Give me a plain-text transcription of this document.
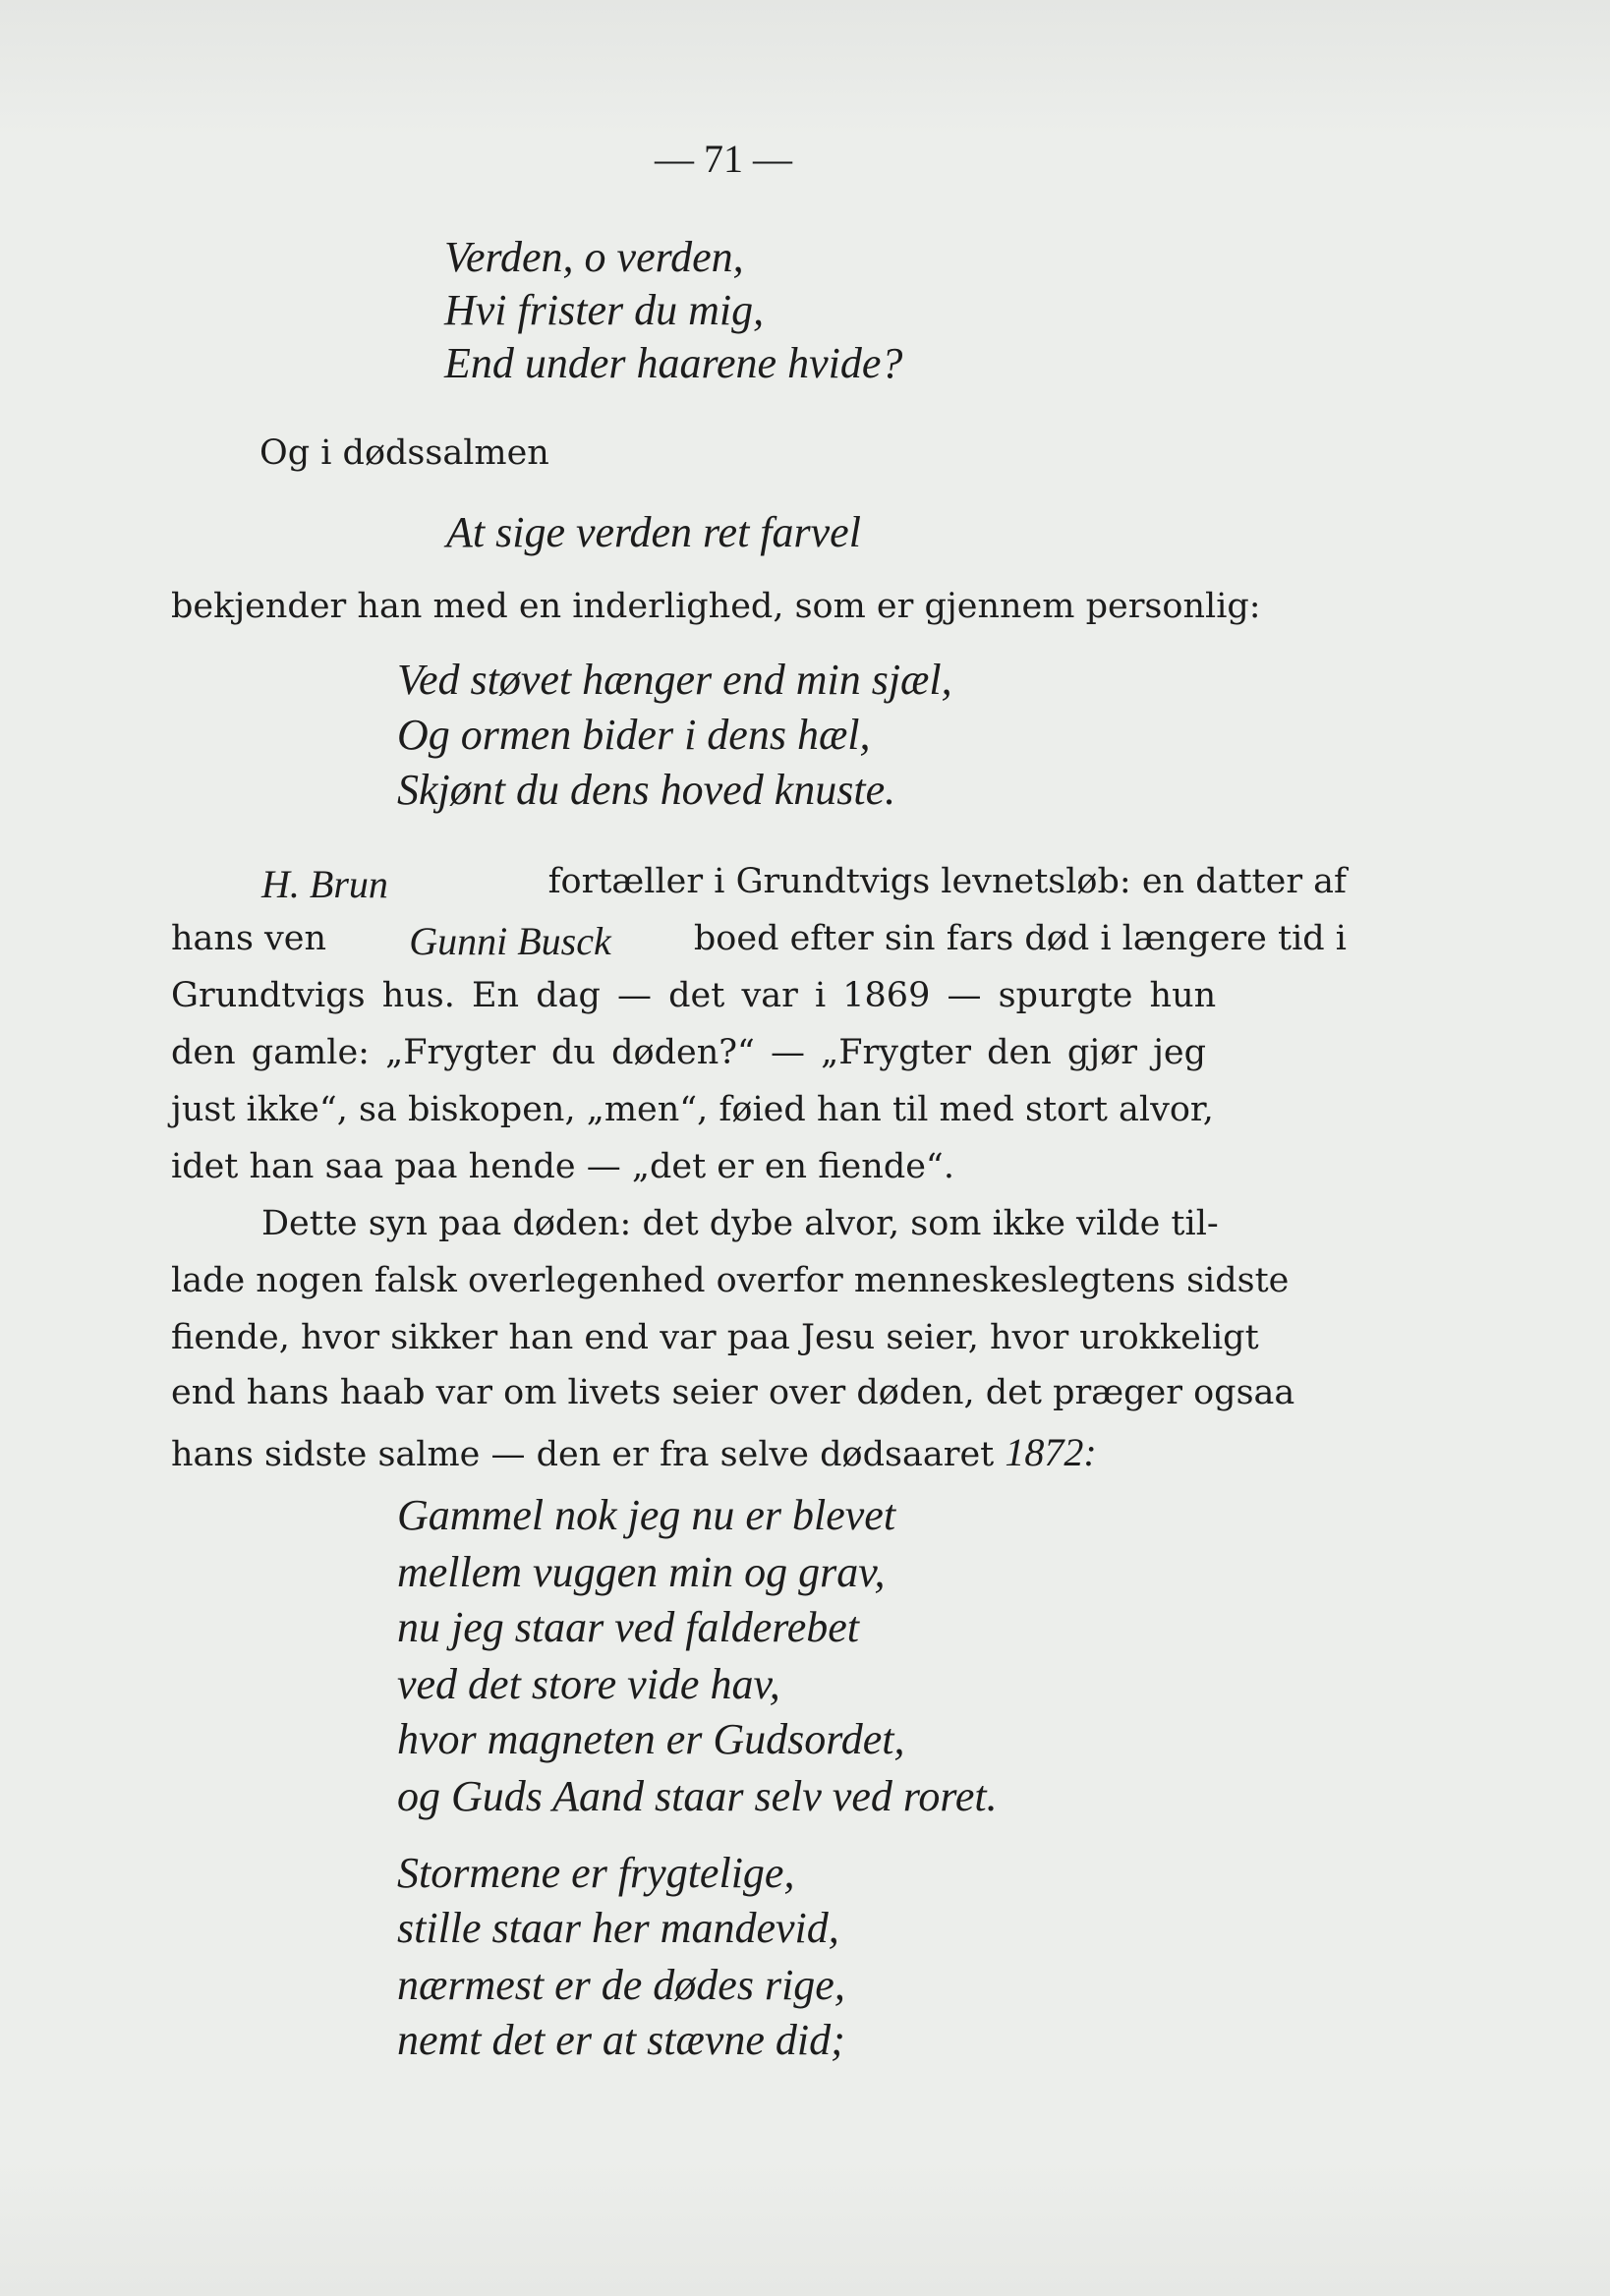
— 71 —
Verden, o verden,
Hvi frister du mig,
End under haarene hvide?
Og i dødssalmen
At sige verden ret farvel
bekjender han med en inderlighed, som er gjennem personlig:
Ved støvet hænger end min sjæl,
Og ormen bider i dens hæl,
Skjønt du dens hoved knuste.
H. Brun	fortæller i Grundtvigs levnetsløb: en datter af
hans ven Gunni Busck boed efter sin fars død i længere tid i
Grundtvigs hus. En dag — det var i 1869 — spurgte hun
den gamle: „Frygter du døden?“ — „Frygter den gjør jeg
just ikke“, sa biskopen, „men“, føied han til med stort alvor,
idet han saa paa hende — „det er en fiende“.
Dette syn paa døden: det dybe alvor, som ikke vilde til-
lade nogen falsk overlegenhed overfor menneskeslegtens sidste
fiende, hvor sikker han end var paa Jesu seier, hvor urokkeligt
end hans haab var om livets seier over døden, det præger ogsaa
hans sidste salme — den er fra selve dødsaaret 1872:
Gammel nok jeg nu er blevet
mellem vuggen min og grav,
nu jeg staar ved falderebet
ved det store vide hav,
hvor magneten er Gudsordet,
og Guds Aand staar selv ved roret.
Stormene er frygtelige,
stille staar her mandevid,
nærmest er de dødes rige,
nemt det er at stævne did;
